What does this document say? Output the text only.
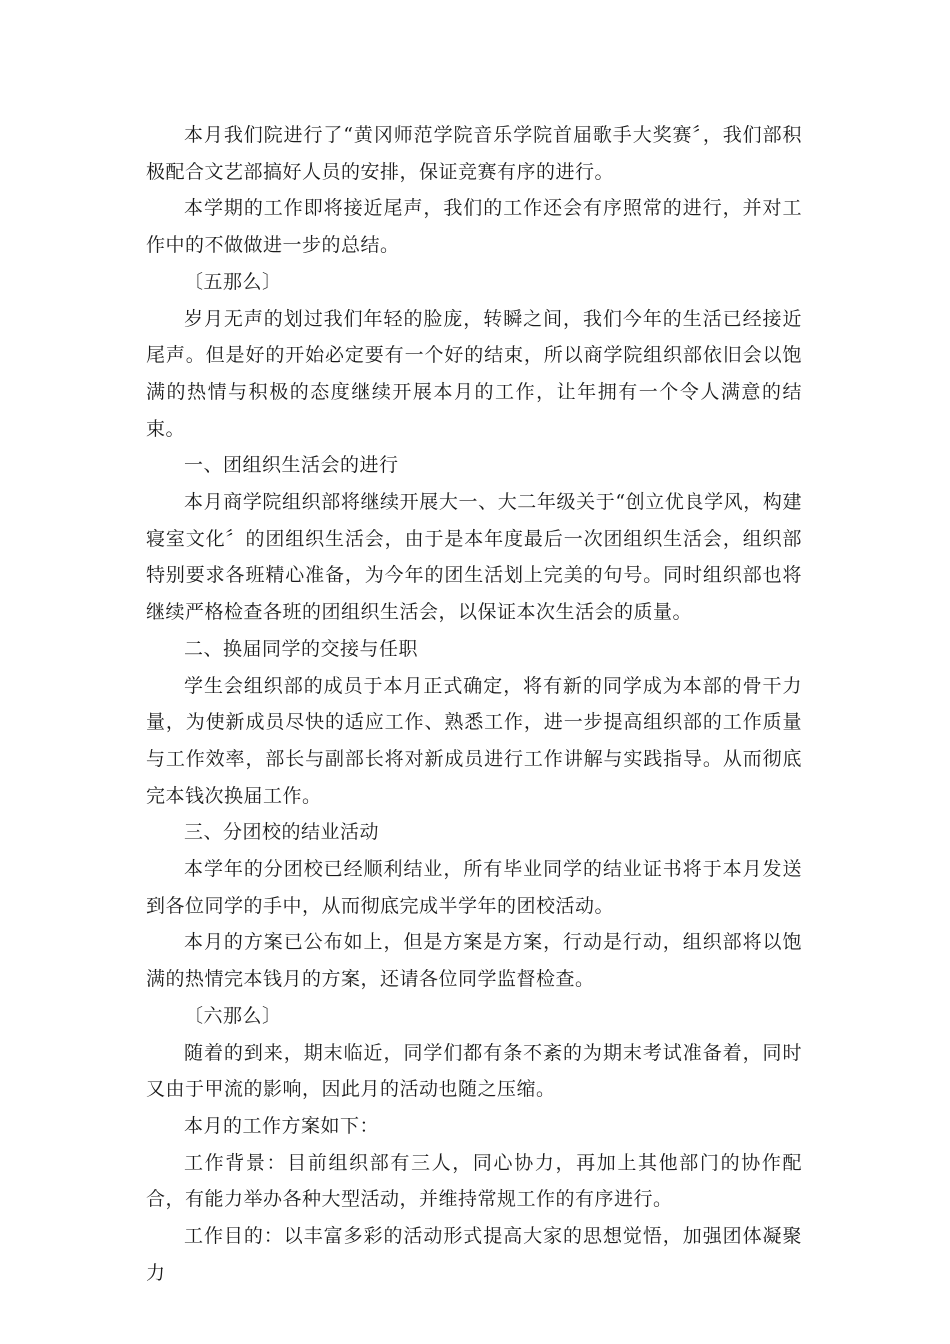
本月我们院进行了“黄冈师范学院音乐学院首届歌手大奖赛〞，我们部积极配合文艺部搞好人员的安排，保证竞赛有序的进行。

本学期的工作即将接近尾声，我们的工作还会有序照常的进行，并对工作中的不做做进一步的总结。

〔五那么〕

岁月无声的划过我们年轻的脸庞，转瞬之间，我们今年的生活已经接近尾声。但是好的开始必定要有一个好的结束，所以商学院组织部依旧会以饱满的热情与积极的态度继续开展本月的工作，让年拥有一个令人满意的结束。

一、团组织生活会的进行

本月商学院组织部将继续开展大一、大二年级关于“创立优良学风，构建寝室文化〞的团组织生活会，由于是本年度最后一次团组织生活会，组织部特别要求各班精心准备，为今年的团生活划上完美的句号。同时组织部也将继续严格检查各班的团组织生活会，以保证本次生活会的质量。

二、换届同学的交接与任职

学生会组织部的成员于本月正式确定，将有新的同学成为本部的骨干力量，为使新成员尽快的适应工作、熟悉工作，进一步提高组织部的工作质量与工作效率，部长与副部长将对新成员进行工作讲解与实践指导。从而彻底完本钱次换届工作。

三、分团校的结业活动

本学年的分团校已经顺利结业，所有毕业同学的结业证书将于本月发送到各位同学的手中，从而彻底完成半学年的团校活动。

本月的方案已公布如上，但是方案是方案，行动是行动，组织部将以饱满的热情完本钱月的方案，还请各位同学监督检查。

〔六那么〕

随着的到来，期末临近，同学们都有条不紊的为期末考试准备着，同时又由于甲流的影响，因此月的活动也随之压缩。

本月的工作方案如下：

工作背景：目前组织部有三人，同心协力，再加上其他部门的协作配合，有能力举办各种大型活动，并维持常规工作的有序进行。

工作目的：以丰富多彩的活动形式提高大家的思想觉悟，加强团体凝聚力
